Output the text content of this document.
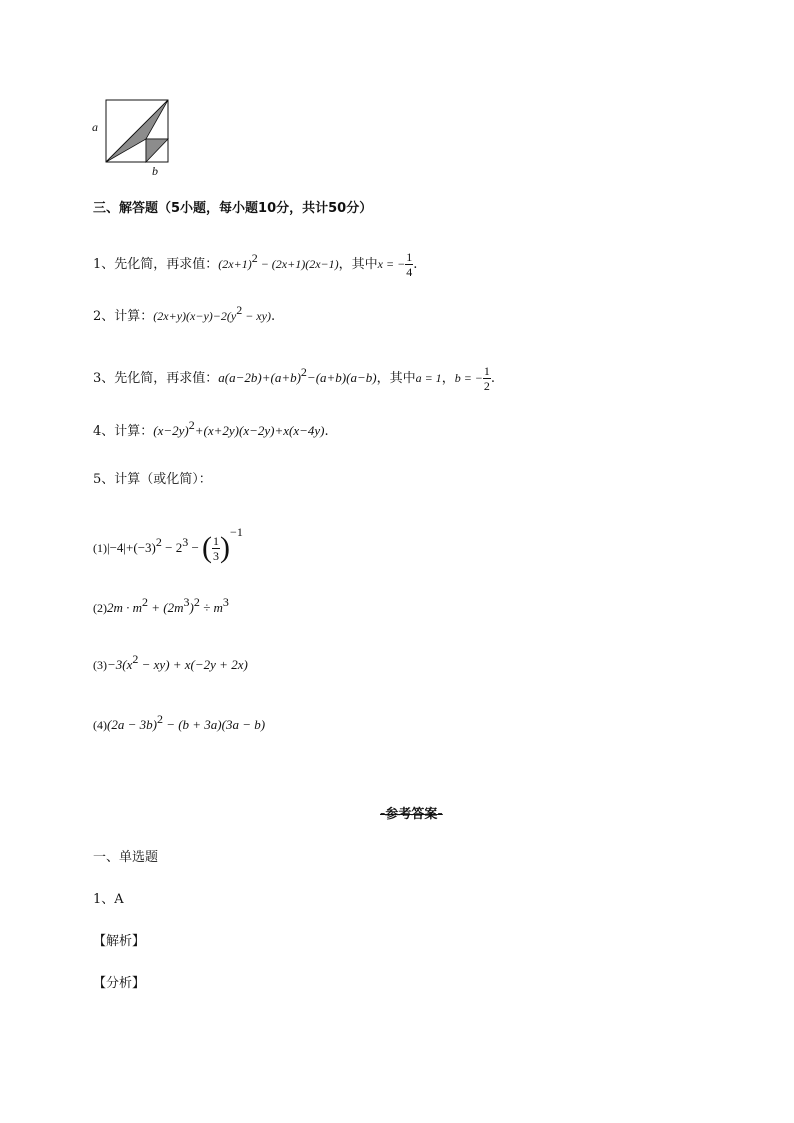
a
b
三、解答题（5小题，每小题10分，共计50分）
1、先化简，再求值：$(2x+1)^2 - (2x+1)(2x-1)$，其中x = − $\frac{1}{4}$ .
2、计算：$(2x+y)(x-y)-2(y^2 - xy)$.
3、先化简，再求值：$a(a-2b)+(a+b)^2-(a+b)(a-b)$，其中a = 1，b = − $\frac{1}{2}$ .
4、计算：$(x-2y)^2+(x+2y)(x-2y)+x(x-4y)$.
5、计算（或化简）：
$(1)|-4|+(-3)^2 - 2^3$ − ( $\frac{1}{3} )^{-1}$
$(2)2m \cdot m^2 + (2m^3)^2 \div m^3$
$(3)-3(x^2 - xy) + x(-2y + 2x)$
$(4)(2a - 3b)^2 - (b + 3a)(3a - b)$
-参考答案-
一、单选题
1、A
【解析】
【分析】
